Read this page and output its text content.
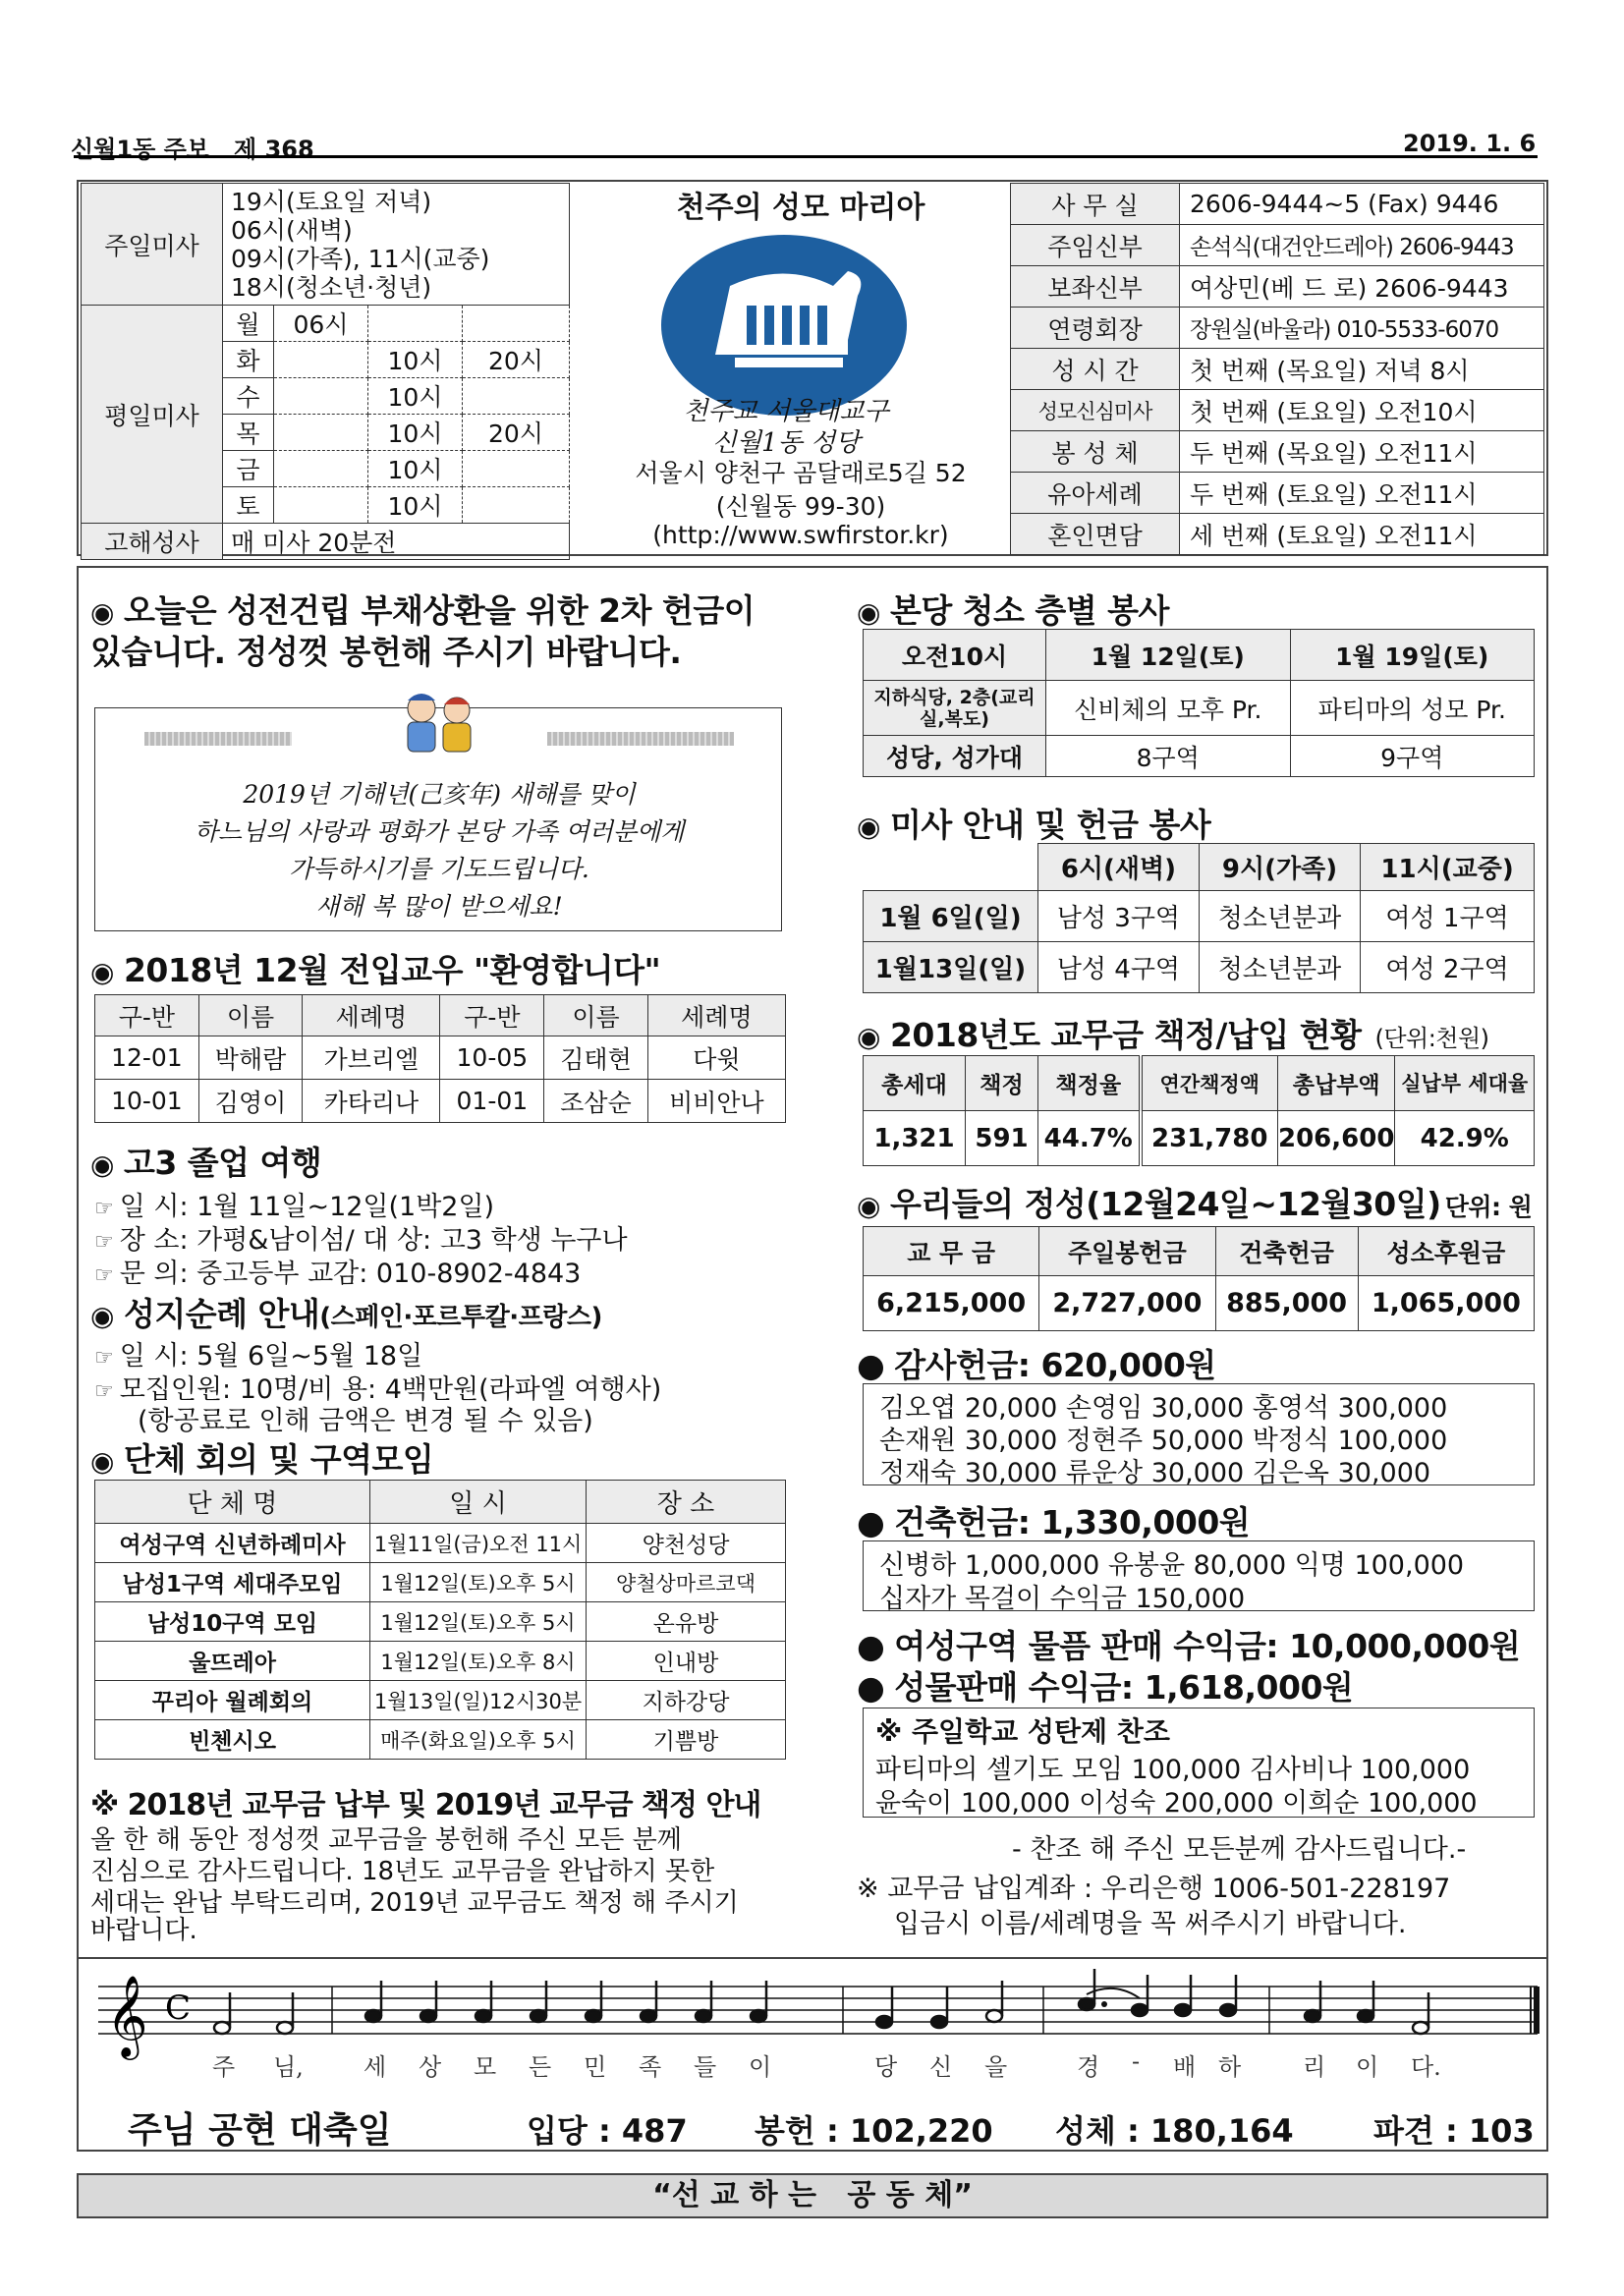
신월1동 주보   제 368	2019. 1. 6
주일미사	19시(토요일 저녁)
06시(새벽)
09시(가족), 11시(교중)
18시(청소년·청년)			

평일미사	월	06시		
	화		10시	20시
	수		10시	
	목		10시	20시
	금		10시	
	토		10시	
고해성사	매 미사 20분전			
천주의 성모 마리아
천주교 서울대교구
신월1동 성당
서울시 양천구 곰달래로5길 52
(신월동 99-30)
(http://www.swfirstor.kr)
사 무 실	2606-9444~5 (Fax) 9446
주임신부	손석식(대건안드레아) 2606-9443
보좌신부	여상민(베 드 로) 2606-9443
연령회장	장원실(바울라) 010-5533-6070
성 시 간	첫 번째 (목요일) 저녁 8시
성모신심미사	첫 번째 (토요일) 오전10시
봉 성 체	두 번째 (목요일) 오전11시
유아세례	두 번째 (토요일) 오전11시
혼인면담	세 번째 (토요일) 오전11시
◉ 오늘은 성전건립 부채상환을 위한 2차 헌금이
있습니다. 정성껏 봉헌해 주시기 바랍니다.
2019년 기해년(己亥年) 새해를 맞이
하느님의 사랑과 평화가 본당 가족 여러분에게
가득하시기를 기도드립니다.
새해 복 많이 받으세요!
◉ 2018년 12월 전입교우 "환영합니다"
구-반	이름	세례명	구-반	이름	세례명
12-01	박해람	가브리엘	10-05	김태현	다윗
10-01	김영이	카타리나	01-01	조삼순	비비안나
◉ 고3 졸업 여행
☞ 일 시: 1월 11일~12일(1박2일)
☞ 장 소: 가평&남이섬/ 대 상: 고3 학생 누구나
☞ 문 의: 중고등부 교감: 010-8902-4843
◉ 성지순례 안내(스페인·포르투칼·프랑스)
☞ 일 시: 5월 6일~5월 18일
☞ 모집인원: 10명/비 용: 4백만원(라파엘 여행사)
(항공료로 인해 금액은 변경 될 수 있음)
◉ 단체 회의 및 구역모임
단 체 명	일 시	장 소
여성구역 신년하례미사	1월11일(금)오전 11시	양천성당
남성1구역 세대주모임	1월12일(토)오후 5시	양철상마르코댁
남성10구역 모임	1월12일(토)오후 5시	온유방
울뜨레아	1월12일(토)오후 8시	인내방
꾸리아 월례회의	1월13일(일)12시30분	지하강당
빈첸시오	매주(화요일)오후 5시	기쁨방
※ 2018년 교무금 납부 및 2019년 교무금 책정 안내
올 한 해 동안 정성껏 교무금을 봉헌해 주신 모든 분께
진심으로 감사드립니다. 18년도 교무금을 완납하지 못한
세대는 완납 부탁드리며, 2019년 교무금도 책정 해 주시기
바랍니다.
◉ 본당 청소 층별 봉사
오전10시	1월 12일(토)	1월 19일(토)
지하식당, 2층(교리실,복도)	신비체의 모후 Pr.	파티마의 성모 Pr.
성당, 성가대	8구역	9구역
◉ 미사 안내 및 헌금 봉사
	6시(새벽)	9시(가족)	11시(교중)
1월 6일(일)	남성 3구역	청소년분과	여성 1구역
1월13일(일)	남성 4구역	청소년분과	여성 2구역
◉ 2018년도 교무금 책정/납입 현황 (단위:천원)
총세대	책정	책정율	연간책정액	총납부액	실납부 세대율
1,321	591	44.7%	231,780	206,600	42.9%
◉ 우리들의 정성(12월24일~12월30일) 단위: 원
교 무 금	주일봉헌금	건축헌금	성소후원금
6,215,000	2,727,000	885,000	1,065,000
● 감사헌금: 620,000원
김오엽 20,000 손영임 30,000 홍영석 300,000
손재원 30,000 정현주 50,000 박정식 100,000
정재숙 30,000 류운상 30,000 김은옥 30,000
● 건축헌금: 1,330,000원
신병하 1,000,000 유봉윤 80,000 익명 100,000
십자가 목걸이 수익금 150,000
● 여성구역 물픔 판매 수익금: 10,000,000원
● 성물판매 수익금: 1,618,000원
※ 주일학교 성탄제 찬조
파티마의 셀기도 모임 100,000 김사비나 100,000
윤숙이 100,000 이성숙 200,000 이희순 100,000
- 찬조 해 주신 모든분께 감사드립니다.-
※ 교무금 납입계좌 : 우리은행 1006-501-228197
입금시 이름/세례명을 꼭 써주시기 바랍니다.
𝄞 C
주 님,	세 상 모 든 민 족 들 이	당 신 을	경 - 배 하	리 이 다.
주님 공현 대축일	입당 : 487 봉헌 : 102,220 성체 : 180,164	파견 : 103
“선 교 하 는   공 동 체”
